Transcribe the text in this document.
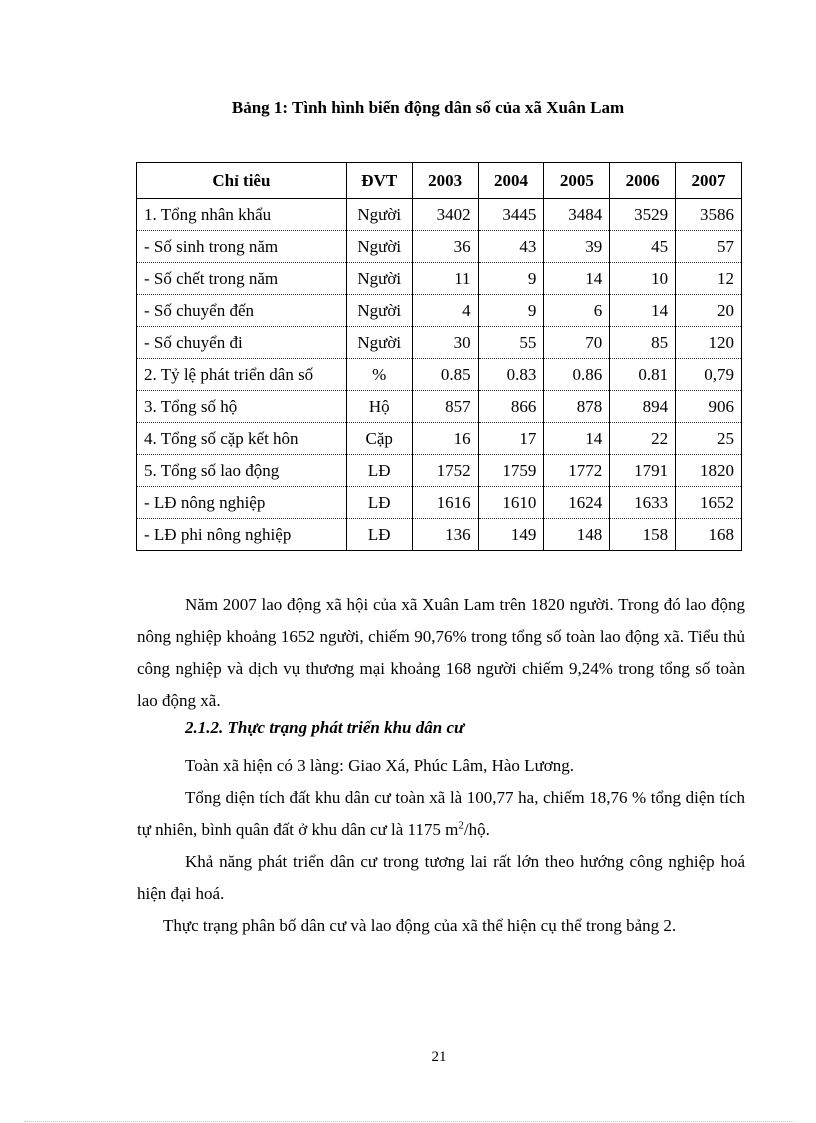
Bảng 1: Tình hình biến động dân số của xã Xuân Lam
Chỉ tiêu	ĐVT	2003	2004	2005	2006	2007
1. Tổng nhân khẩu	Người	3402	3445	3484	3529	3586
- Số sinh trong năm	Người	36	43	39	45	57
- Số chết trong năm	Người	11	9	14	10	12
- Số chuyển đến	Người	4	9	6	14	20
- Số chuyển đi	Người	30	55	70	85	120
2. Tỷ lệ phát triển dân số	%	0.85	0.83	0.86	0.81	0,79
3. Tổng số hộ	Hộ	857	866	878	894	906
4. Tổng số cặp kết hôn	Cặp	16	17	14	22	25
5. Tổng số lao động	LĐ	1752	1759	1772	1791	1820
- LĐ nông nghiệp	LĐ	1616	1610	1624	1633	1652
- LĐ phi nông nghiệp	LĐ	136	149	148	158	168
Năm 2007 lao động xã hội của xã Xuân Lam trên 1820 người. Trong đó lao động nông nghiệp khoảng 1652 người, chiếm 90,76% trong tổng số toàn lao động xã. Tiểu thủ công nghiệp và dịch vụ thương mại khoảng 168 người chiếm 9,24% trong tổng số toàn lao động xã.
2.1.2. Thực trạng phát triển khu dân cư
Toàn xã hiện có 3 làng: Giao Xá, Phúc Lâm, Hào Lương.
Tổng diện tích đất khu dân cư toàn xã là 100,77 ha, chiếm 18,76 % tổng diện tích tự nhiên, bình quân đất ở khu dân cư là 1175 $m^2/hộ$.
Khả năng phát triển dân cư trong tương lai rất lớn theo hướng công nghiệp hoá hiện đại hoá.
Thực trạng phân bố dân cư và lao động của xã thể hiện cụ thể trong bảng 2.
21
